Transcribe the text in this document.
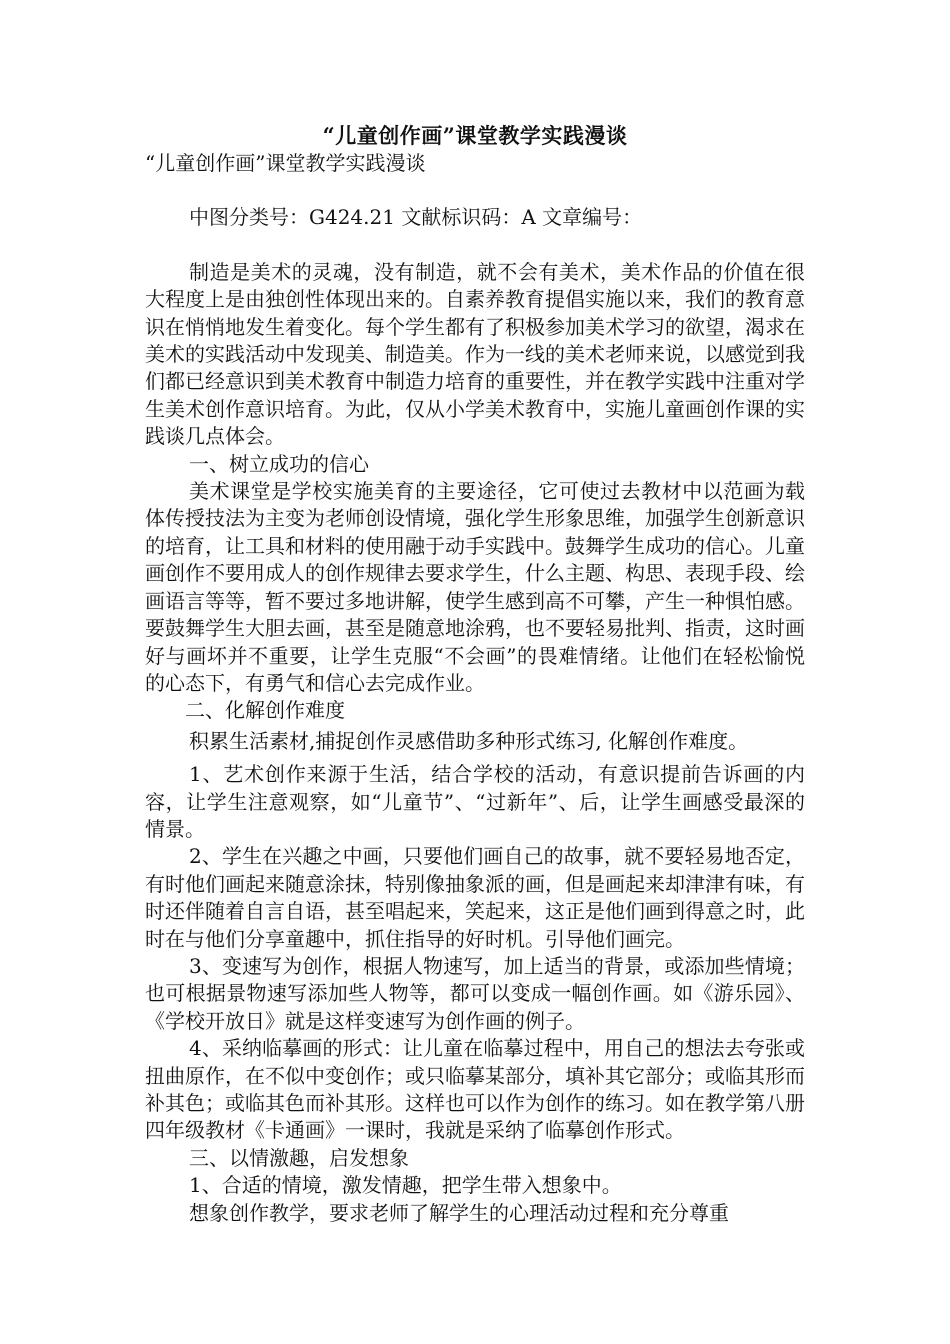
“儿童创作画”课堂教学实践漫谈

“儿童创作画”课堂教学实践漫谈

中图分类号：G424.21 文献标识码：A 文章编号：

制造是美术的灵魂，没有制造，就不会有美术，美术作品的价值在很大程度上是由独创性体现出来的。自素养教育提倡实施以来，我们的教育意识在悄悄地发生着变化。每个学生都有了积极参加美术学习的欲望，渴求在美术的实践活动中发现美、制造美。作为一线的美术老师来说，以感觉到我们都已经意识到美术教育中制造力培育的重要性，并在教学实践中注重对学生美术创作意识培育。为此，仅从小学美术教育中，实施儿童画创作课的实践谈几点体会。

一、树立成功的信心

美术课堂是学校实施美育的主要途径，它可使过去教材中以范画为载体传授技法为主变为老师创设情境，强化学生形象思维，加强学生创新意识的培育，让工具和材料的使用融于动手实践中。鼓舞学生成功的信心。儿童画创作不要用成人的创作规律去要求学生，什么主题、构思、表现手段、绘画语言等等，暂不要过多地讲解，使学生感到高不可攀，产生一种惧怕感。要鼓舞学生大胆去画，甚至是随意地涂鸦，也不要轻易批判、指责，这时画好与画坏并不重要，让学生克服“不会画”的畏难情绪。让他们在轻松愉悦的心态下，有勇气和信心去完成作业。

二、化解创作难度

积累生活素材,捕捉创作灵感借助多种形式练习, 化解创作难度。

1、艺术创作来源于生活，结合学校的活动，有意识提前告诉画的内容，让学生注意观察，如“儿童节”、“过新年”、后，让学生画感受最深的情景。

2、学生在兴趣之中画，只要他们画自己的故事，就不要轻易地否定，有时他们画起来随意涂抹，特别像抽象派的画，但是画起来却津津有味，有时还伴随着自言自语，甚至唱起来，笑起来，这正是他们画到得意之时，此时在与他们分享童趣中，抓住指导的好时机。引导他们画完。

3、变速写为创作，根据人物速写，加上适当的背景，或添加些情境；也可根据景物速写添加些人物等，都可以变成一幅创作画。如《游乐园》、《学校开放日》就是这样变速写为创作画的例子。

4、采纳临摹画的形式：让儿童在临摹过程中，用自己的想法去夸张或扭曲原作，在不似中变创作；或只临摹某部分，填补其它部分；或临其形而补其色；或临其色而补其形。这样也可以作为创作的练习。如在教学第八册四年级教材《卡通画》一课时，我就是采纳了临摹创作形式。

三、以情激趣，启发想象

1、合适的情境，激发情趣，把学生带入想象中。

想象创作教学，要求老师了解学生的心理活动过程和充分尊重
